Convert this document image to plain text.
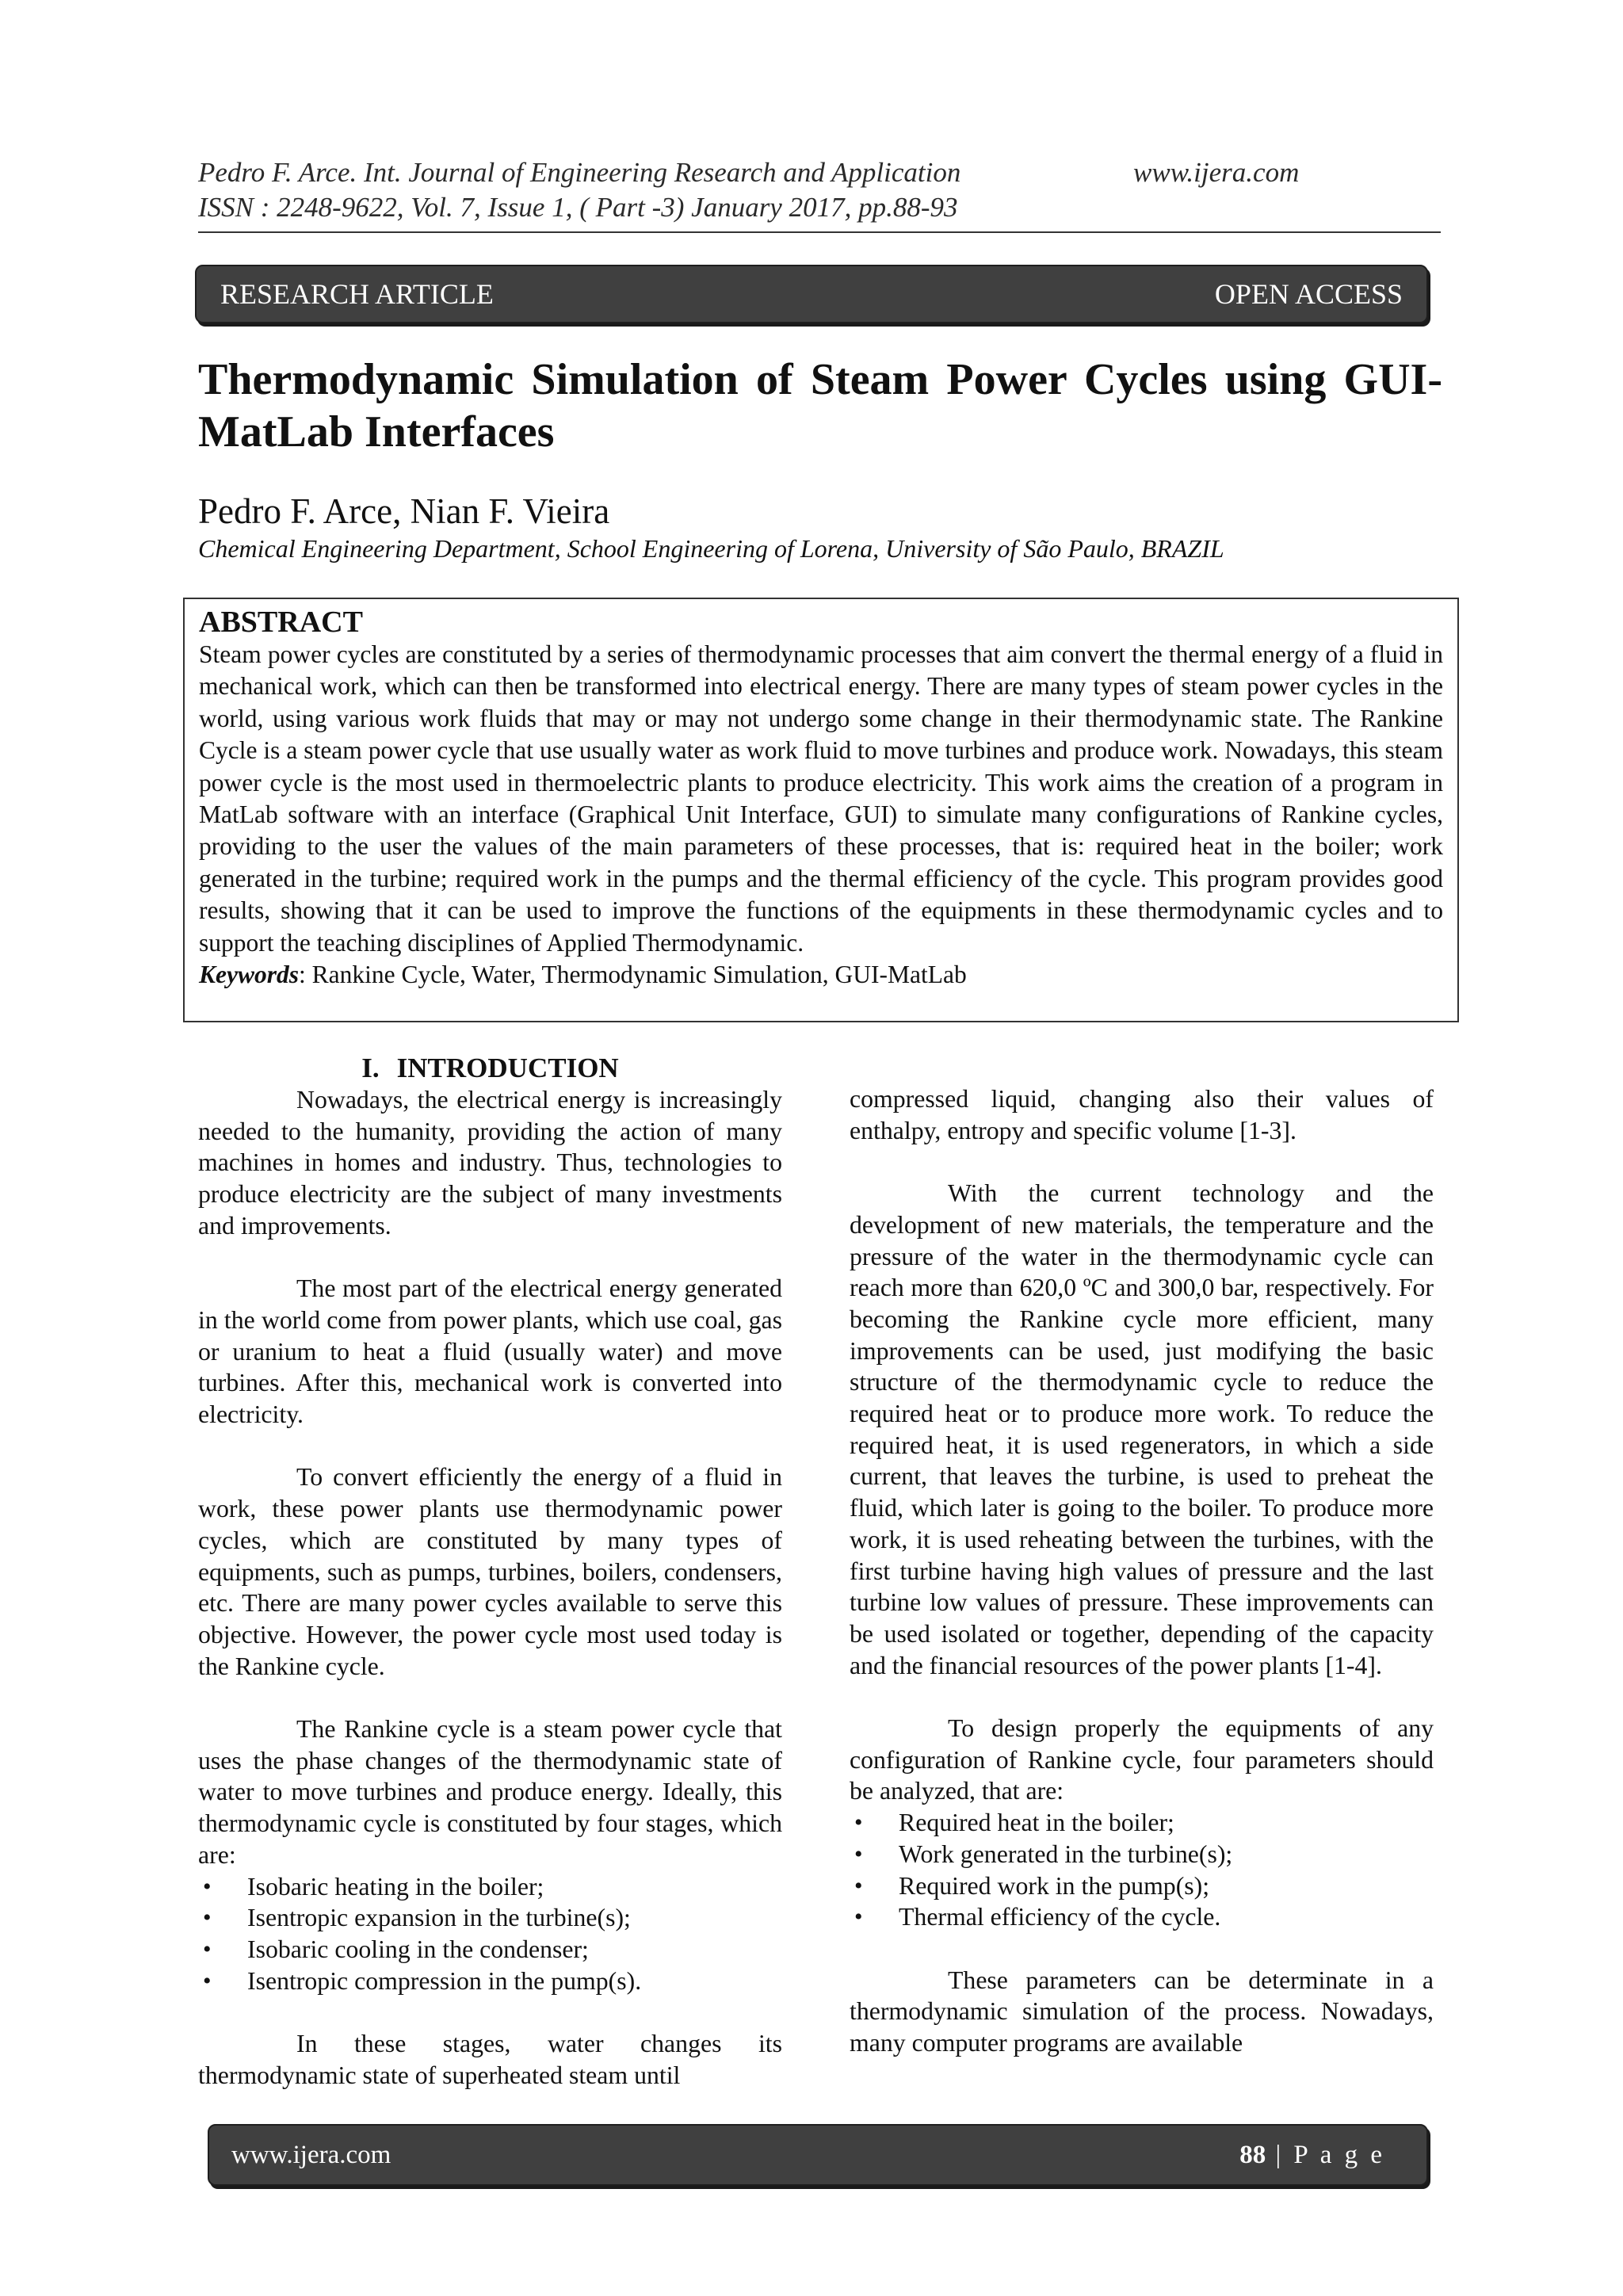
Pedro F. Arce. Int. Journal of Engineering Research and Application	www.ijera.com
ISSN : 2248-9622, Vol. 7, Issue 1, ( Part -3) January 2017, pp.88-93
RESEARCH ARTICLE	OPEN ACCESS
Thermodynamic Simulation of Steam Power Cycles using GUI-
MatLab Interfaces
Pedro F. Arce, Nian F. Vieira
Chemical Engineering Department, School Engineering of Lorena, University of São Paulo, BRAZIL
ABSTRACT
Steam power cycles are constituted by a series of thermodynamic processes that aim convert the thermal energy of a fluid in mechanical work, which can then be transformed into electrical energy. There are many types of steam power cycles in the world, using various work fluids that may or may not undergo some change in their thermodynamic state. The Rankine Cycle is a steam power cycle that use usually water as work fluid to move turbines and produce work. Nowadays, this steam power cycle is the most used in thermoelectric plants to produce electricity. This work aims the creation of a program in MatLab software with an interface (Graphical Unit Interface, GUI) to simulate many configurations of Rankine cycles, providing to the user the values of the main parameters of these processes, that is: required heat in the boiler; work generated in the turbine; required work in the pumps and the thermal efficiency of the cycle. This program provides good results, showing that it can be used to improve the functions of the equipments in these thermodynamic cycles and to support the teaching disciplines of Applied Thermodynamic.
Keywords: Rankine Cycle, Water, Thermodynamic Simulation, GUI-MatLab
I. INTRODUCTION

Nowadays, the electrical energy is increasingly needed to the humanity, providing the action of many machines in homes and industry. Thus, technologies to produce electricity are the subject of many investments and improvements.

The most part of the electrical energy generated in the world come from power plants, which use coal, gas or uranium to heat a fluid (usually water) and move turbines. After this, mechanical work is converted into electricity.

To convert efficiently the energy of a fluid in work, these power plants use thermodynamic power cycles, which are constituted by many types of equipments, such as pumps, turbines, boilers, condensers, etc. There are many power cycles available to serve this objective. However, the power cycle most used today is the Rankine cycle.

The Rankine cycle is a steam power cycle that uses the phase changes of the thermodynamic state of water to move turbines and produce energy. Ideally, this thermodynamic cycle is constituted by four stages, which are:

• Isobaric heating in the boiler;
• Isentropic expansion in the turbine(s);
• Isobaric cooling in the condenser;
• Isentropic compression in the pump(s).

In these stages, water changes its thermodynamic state of superheated steam until

compressed liquid, changing also their values of enthalpy, entropy and specific volume [1-3].

With the current technology and the development of new materials, the temperature and the pressure of the water in the thermodynamic cycle can reach more than 620,0 ºC and 300,0 bar, respectively. For becoming the Rankine cycle more efficient, many improvements can be used, just modifying the basic structure of the thermodynamic cycle to reduce the required heat or to produce more work. To reduce the required heat, it is used regenerators, in which a side current, that leaves the turbine, is used to preheat the fluid, which later is going to the boiler. To produce more work, it is used reheating between the turbines, with the first turbine having high values of pressure and the last turbine low values of pressure. These improvements can be used isolated or together, depending of the capacity and the financial resources of the power plants [1-4].

To design properly the equipments of any configuration of Rankine cycle, four parameters should be analyzed, that are:

• Required heat in the boiler;
• Work generated in the turbine(s);
• Required work in the pump(s);
• Thermal efficiency of the cycle.

These parameters can be determinate in a thermodynamic simulation of the process. Nowadays, many computer programs are available

www.ijera.com	88 | P a g e
